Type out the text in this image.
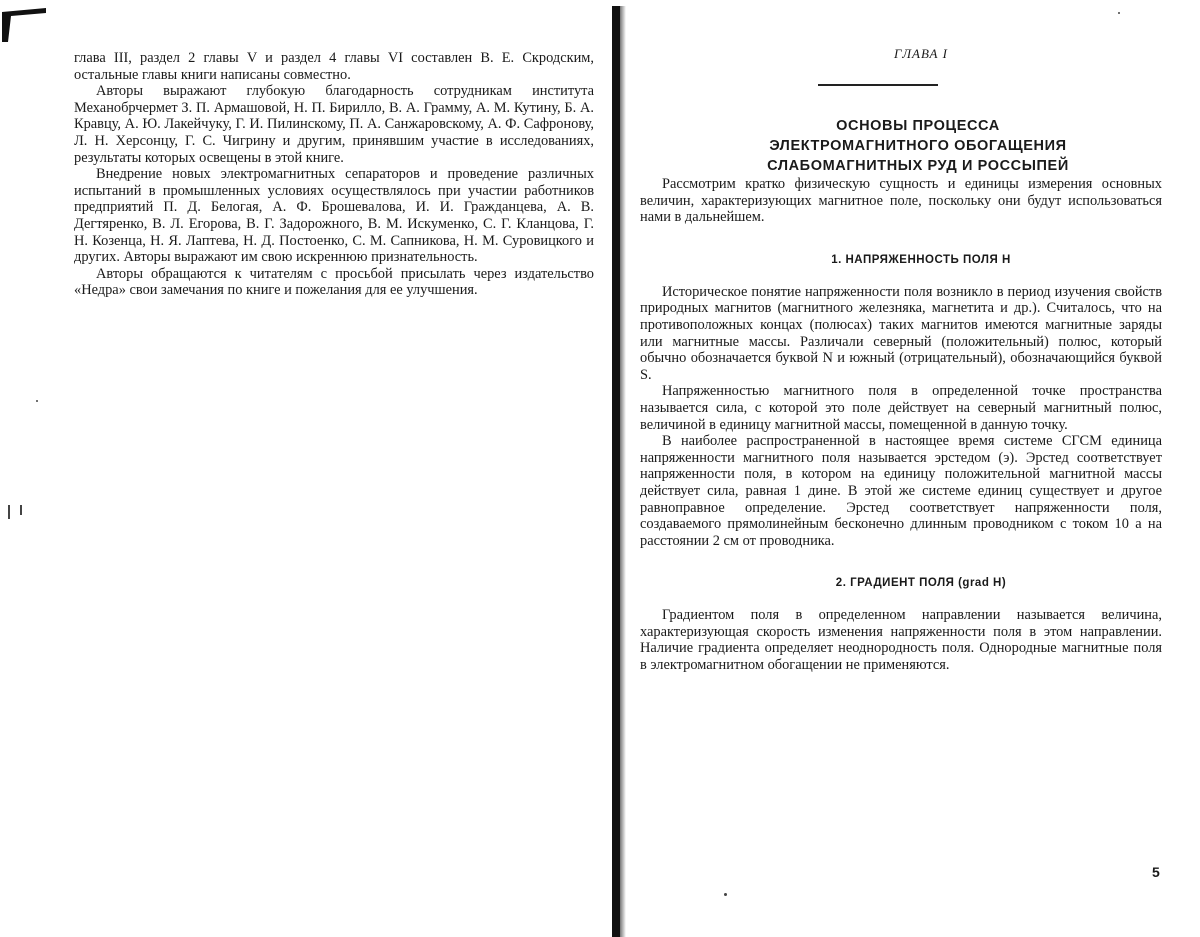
глава III, раздел 2 главы V и раздел 4 главы VI составлен В. Е. Скродским, остальные главы книги написаны совместно.

Авторы выражают глубокую благодарность сотрудникам института Механобрчермет З. П. Армашовой, Н. П. Бирилло, В. А. Грамму, А. М. Кутину, Б. А. Кравцу, А. Ю. Лакейчуку, Г. И. Пилинскому, П. А. Санжаровскому, А. Ф. Сафронову, Л. Н. Херсонцу, Г. С. Чигрину и другим, принявшим участие в исследованиях, результаты которых освещены в этой книге.

Внедрение новых электромагнитных сепараторов и проведение различных испытаний в промышленных условиях осуществлялось при участии работников предприятий П. Д. Белогая, А. Ф. Брошевалова, И. И. Гражданцева, А. В. Дегтяренко, В. Л. Егорова, В. Г. Задорожного, В. М. Искуменко, С. Г. Кланцова, Г. Н. Козенца, Н. Я. Лаптева, Н. Д. Постоенко, С. М. Сапникова, Н. М. Суровицкого и других. Авторы выражают им свою искреннюю признательность.

Авторы обращаются к читателям с просьбой присылать через издательство «Недра» свои замечания по книге и пожелания для ее улучшения.

ГЛАВА I

ОСНОВЫ ПРОЦЕССА
ЭЛЕКТРОМАГНИТНОГО ОБОГАЩЕНИЯ
СЛАБОМАГНИТНЫХ РУД И РОССЫПЕЙ

Рассмотрим кратко физическую сущность и единицы измерения основных величин, характеризующих магнитное поле, поскольку они будут использоваться нами в дальнейшем.

1. НАПРЯЖЕННОСТЬ ПОЛЯ H

Историческое понятие напряженности поля возникло в период изучения свойств природных магнитов (магнитного железняка, магнетита и др.). Считалось, что на противоположных концах (полюсах) таких магнитов имеются магнитные заряды или магнитные массы. Различали северный (положительный) полюс, который обычно обозначается буквой N и южный (отрицательный), обозначающийся буквой S.

Напряженностью магнитного поля в определенной точке пространства называется сила, с которой это поле действует на северный магнитный полюс, величиной в единицу магнитной массы, помещенной в данную точку.

В наиболее распространенной в настоящее время системе СГСМ единица напряженности магнитного поля называется эрстедом (э). Эрстед соответствует напряженности поля, в котором на единицу положительной магнитной массы действует сила, равная 1 дине. В этой же системе единиц существует и другое равноправное определение. Эрстед соответствует напряженности поля, создаваемого прямолинейным бесконечно длинным проводником с током 10 а на расстоянии 2 см от проводника.

2. ГРАДИЕНТ ПОЛЯ (grad H)

Градиентом поля в определенном направлении называется величина, характеризующая скорость изменения напряженности поля в этом направлении. Наличие градиента определяет неоднородность поля. Однородные магнитные поля в электромагнитном обогащении не применяются.

5
